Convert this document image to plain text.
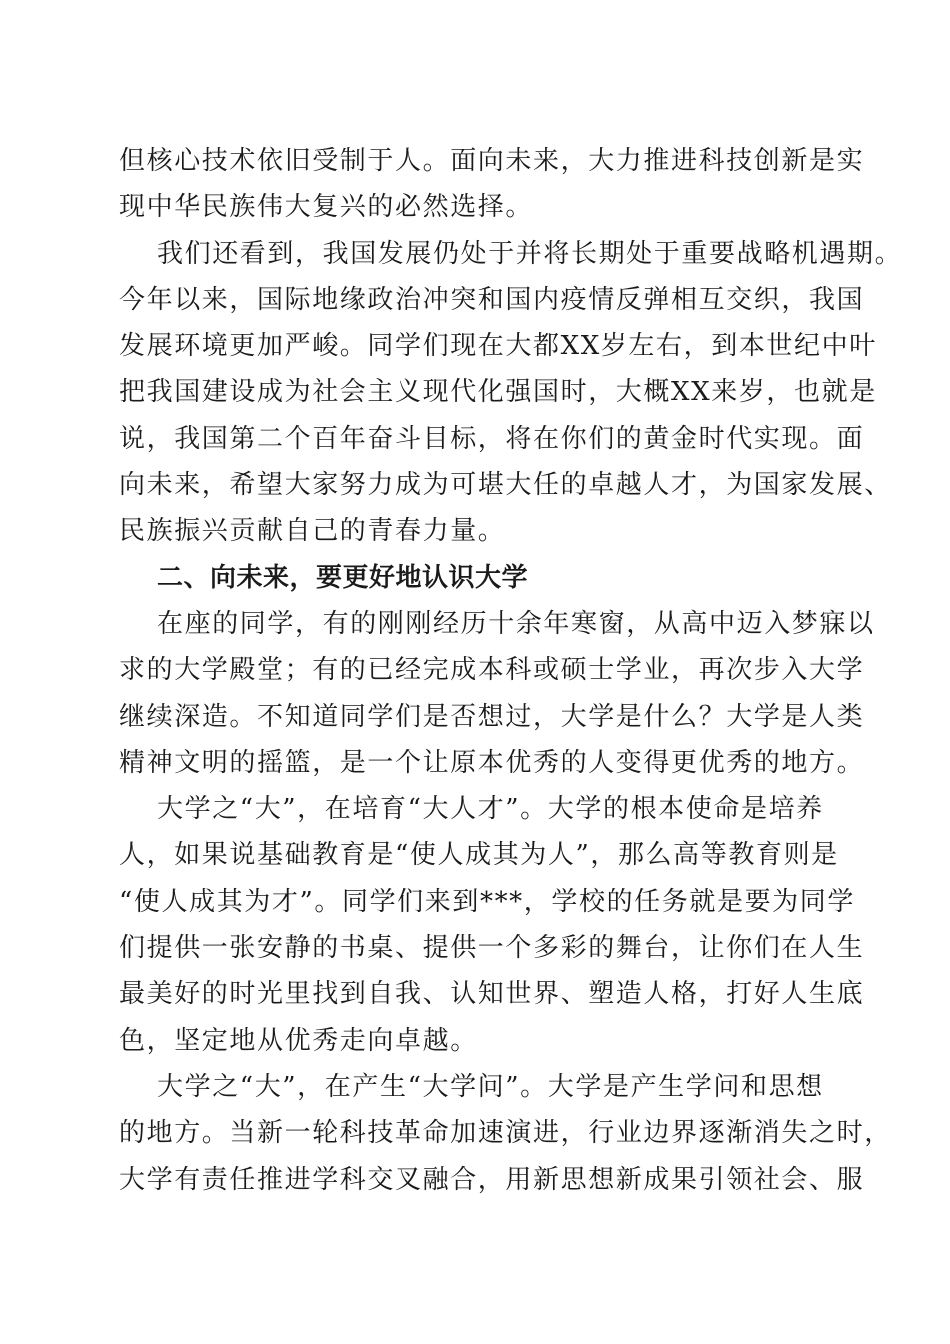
但核心技术依旧受制于人。面向未来，大力推进科技创新是实
现中华民族伟大复兴的必然选择。

我们还看到，我国发展仍处于并将长期处于重要战略机遇期。
今年以来，国际地缘政治冲突和国内疫情反弹相互交织，我国
发展环境更加严峻。同学们现在大都XX岁左右，到本世纪中叶
把我国建设成为社会主义现代化强国时，大概XX来岁，也就是
说，我国第二个百年奋斗目标，将在你们的黄金时代实现。面
向未来，希望大家努力成为可堪大任的卓越人才，为国家发展、
民族振兴贡献自己的青春力量。

二、向未来，要更好地认识大学

在座的同学，有的刚刚经历十余年寒窗，从高中迈入梦寐以
求的大学殿堂；有的已经完成本科或硕士学业，再次步入大学
继续深造。不知道同学们是否想过，大学是什么？大学是人类
精神文明的摇篮，是一个让原本优秀的人变得更优秀的地方。

大学之“大”，在培育“大人才”。大学的根本使命是培养
人，如果说基础教育是“使人成其为人”，那么高等教育则是
“使人成其为才”。同学们来到***，学校的任务就是要为同学
们提供一张安静的书桌、提供一个多彩的舞台，让你们在人生
最美好的时光里找到自我、认知世界、塑造人格，打好人生底
色，坚定地从优秀走向卓越。

大学之“大”，在产生“大学问”。大学是产生学问和思想
的地方。当新一轮科技革命加速演进，行业边界逐渐消失之时，
大学有责任推进学科交叉融合，用新思想新成果引领社会、服
